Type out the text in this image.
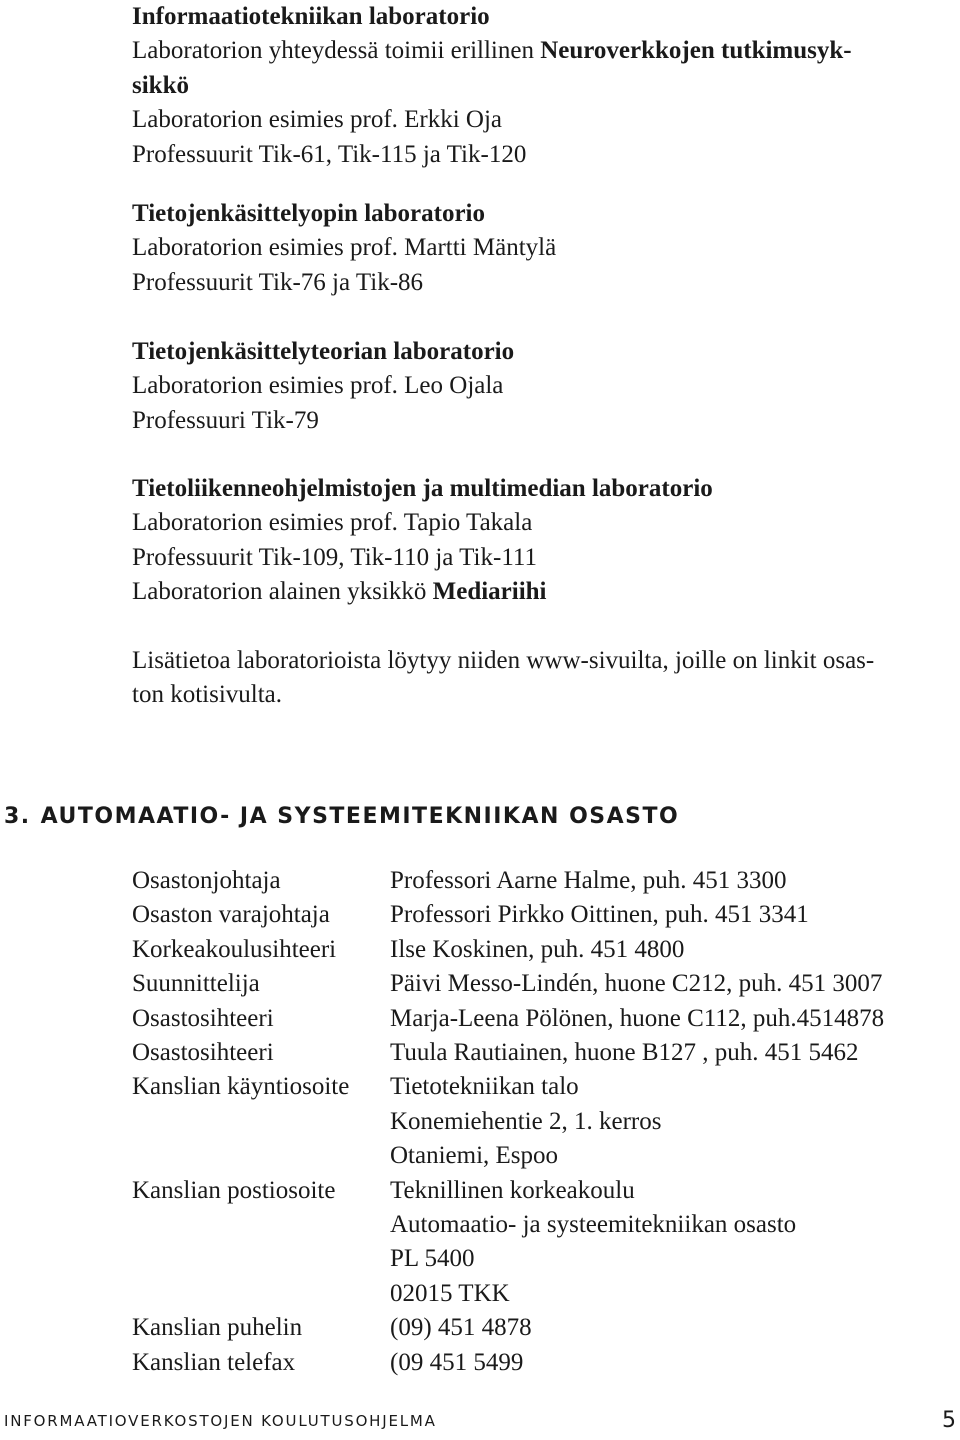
Informaatiotekniikan laboratorio
Laboratorion yhteydessä toimii erillinen Neuroverkkojen tutkimusyk-
sikkö
Laboratorion esimies prof. Erkki Oja
Professuurit Tik-61, Tik-115 ja Tik-120
Tietojenkäsittelyopin laboratorio
Laboratorion esimies prof. Martti Mäntylä
Professuurit Tik-76 ja Tik-86
Tietojenkäsittelyteorian laboratorio
Laboratorion esimies prof. Leo Ojala
Professuuri Tik-79
Tietoliikenneohjelmistojen ja multimedian laboratorio
Laboratorion esimies prof. Tapio Takala
Professuurit Tik-109, Tik-110 ja Tik-111
Laboratorion alainen yksikkö Mediariihi
Lisätietoa laboratorioista löytyy niiden www-sivuilta, joille on linkit osas-
ton kotisivulta.
3. AUTOMAATIO- JA SYSTEEMITEKNIIKAN OSASTO
Osastonjohtaja	Professori Aarne Halme, puh. 451 3300
Osaston varajohtaja	Professori Pirkko Oittinen, puh. 451 3341
Korkeakoulusihteeri	Ilse Koskinen, puh. 451 4800
Suunnittelija	Päivi Messo-Lindén, huone C212, puh. 451 3007
Osastosihteeri	Marja-Leena Pölönen, huone C112, puh.4514878
Osastosihteeri	Tuula Rautiainen, huone B127 , puh. 451 5462
Kanslian käyntiosoite	Tietotekniikan talo
Konemiehentie 2, 1. kerros
Otaniemi, Espoo
Kanslian postiosoite	Teknillinen korkeakoulu
Automaatio- ja systeemitekniikan osasto
PL 5400
02015 TKK
Kanslian puhelin	(09) 451 4878
Kanslian telefax	(09 451 5499
INFORMAATIOVERKOSTOJEN KOULUTUSOHJELMA	5
